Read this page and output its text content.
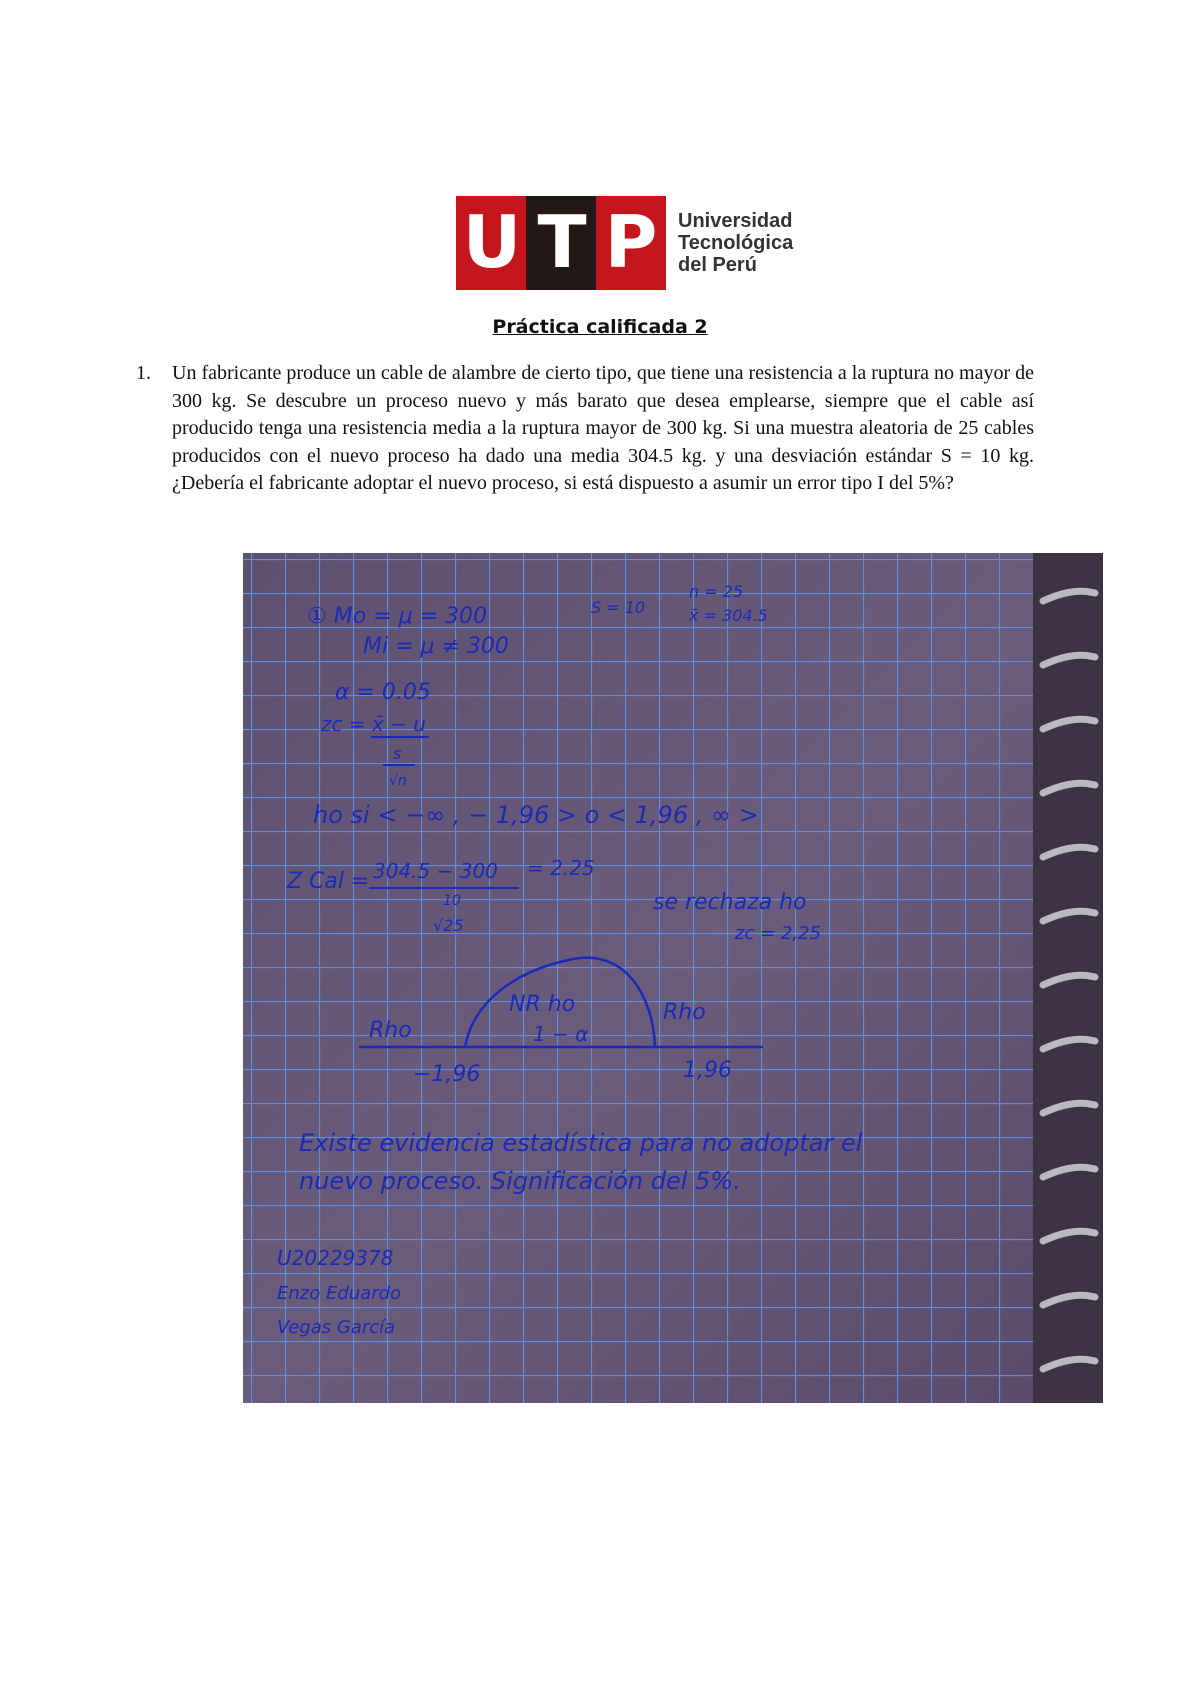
U T P	Universidad
Tecnológica
del Perú
Práctica calificada 2
1.	Un fabricante produce un cable de alambre de cierto tipo, que tiene una resistencia a la ruptura no mayor de 300 kg. Se descubre un proceso nuevo y más barato que desea emplearse, siempre que el cable así producido tenga una resistencia media a la ruptura mayor de 300 kg. Si una muestra aleatoria de 25 cables producidos con el nuevo proceso ha dado una media 304.5 kg. y una desviación estándar S = 10 kg. ¿Debería el fabricante adoptar el nuevo proceso, si está dispuesto a asumir un error tipo I del 5%?
① Mo = μ = 300
Mi = μ ≠ 300
S = 10
n = 25
x̄ = 304.5
α = 0.05
zc = x̄ − u
s
√n
ho si < −∞ , − 1,96 > o < 1,96 , ∞ >
Z Cal = 304.5 − 300
10
√25
= 2.25
se rechaza ho
zc = 2,25
Rho
NR ho
1 − α
Rho
−1,96	1,96
Existe evidencia estadística para no adoptar el
nuevo proceso. Significación del 5%.
U20229378
Enzo Eduardo
Vegas García
